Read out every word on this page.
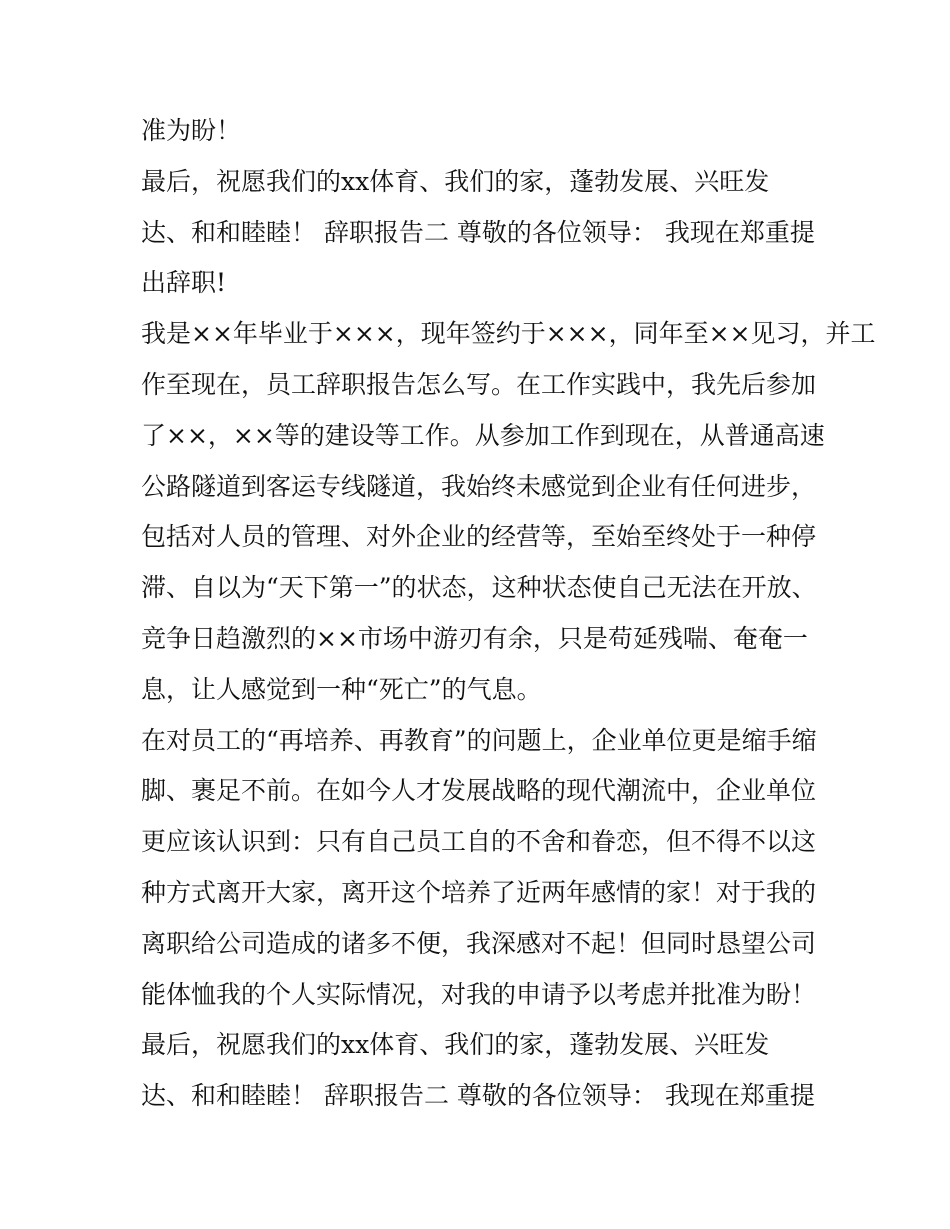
准为盼！
最后，祝愿我们的xx体育、我们的家，蓬勃发展、兴旺发
达、和和睦睦！ 辞职报告二 尊敬的各位领导： 我现在郑重提
出辞职!
我是××年毕业于×××，现年签约于×××，同年至××见习，并工
作至现在，员工辞职报告怎么写。在工作实践中，我先后参加
了××，××等的建设等工作。从参加工作到现在，从普通高速
公路隧道到客运专线隧道，我始终未感觉到企业有任何进步，
包括对人员的管理、对外企业的经营等，至始至终处于一种停
滞、自以为“天下第一”的状态，这种状态使自己无法在开放、
竞争日趋激烈的××市场中游刃有余，只是苟延残喘、奄奄一
息，让人感觉到一种“死亡”的气息。
在对员工的“再培养、再教育”的问题上，企业单位更是缩手缩
脚、裹足不前。在如今人才发展战略的现代潮流中，企业单位
更应该认识到：只有自己员工自的不舍和眷恋，但不得不以这
种方式离开大家，离开这个培养了近两年感情的家！对于我的
离职给公司造成的诸多不便，我深感对不起！但同时恳望公司
能体恤我的个人实际情况，对我的申请予以考虑并批准为盼！
最后，祝愿我们的xx体育、我们的家，蓬勃发展、兴旺发
达、和和睦睦！ 辞职报告二 尊敬的各位领导： 我现在郑重提
